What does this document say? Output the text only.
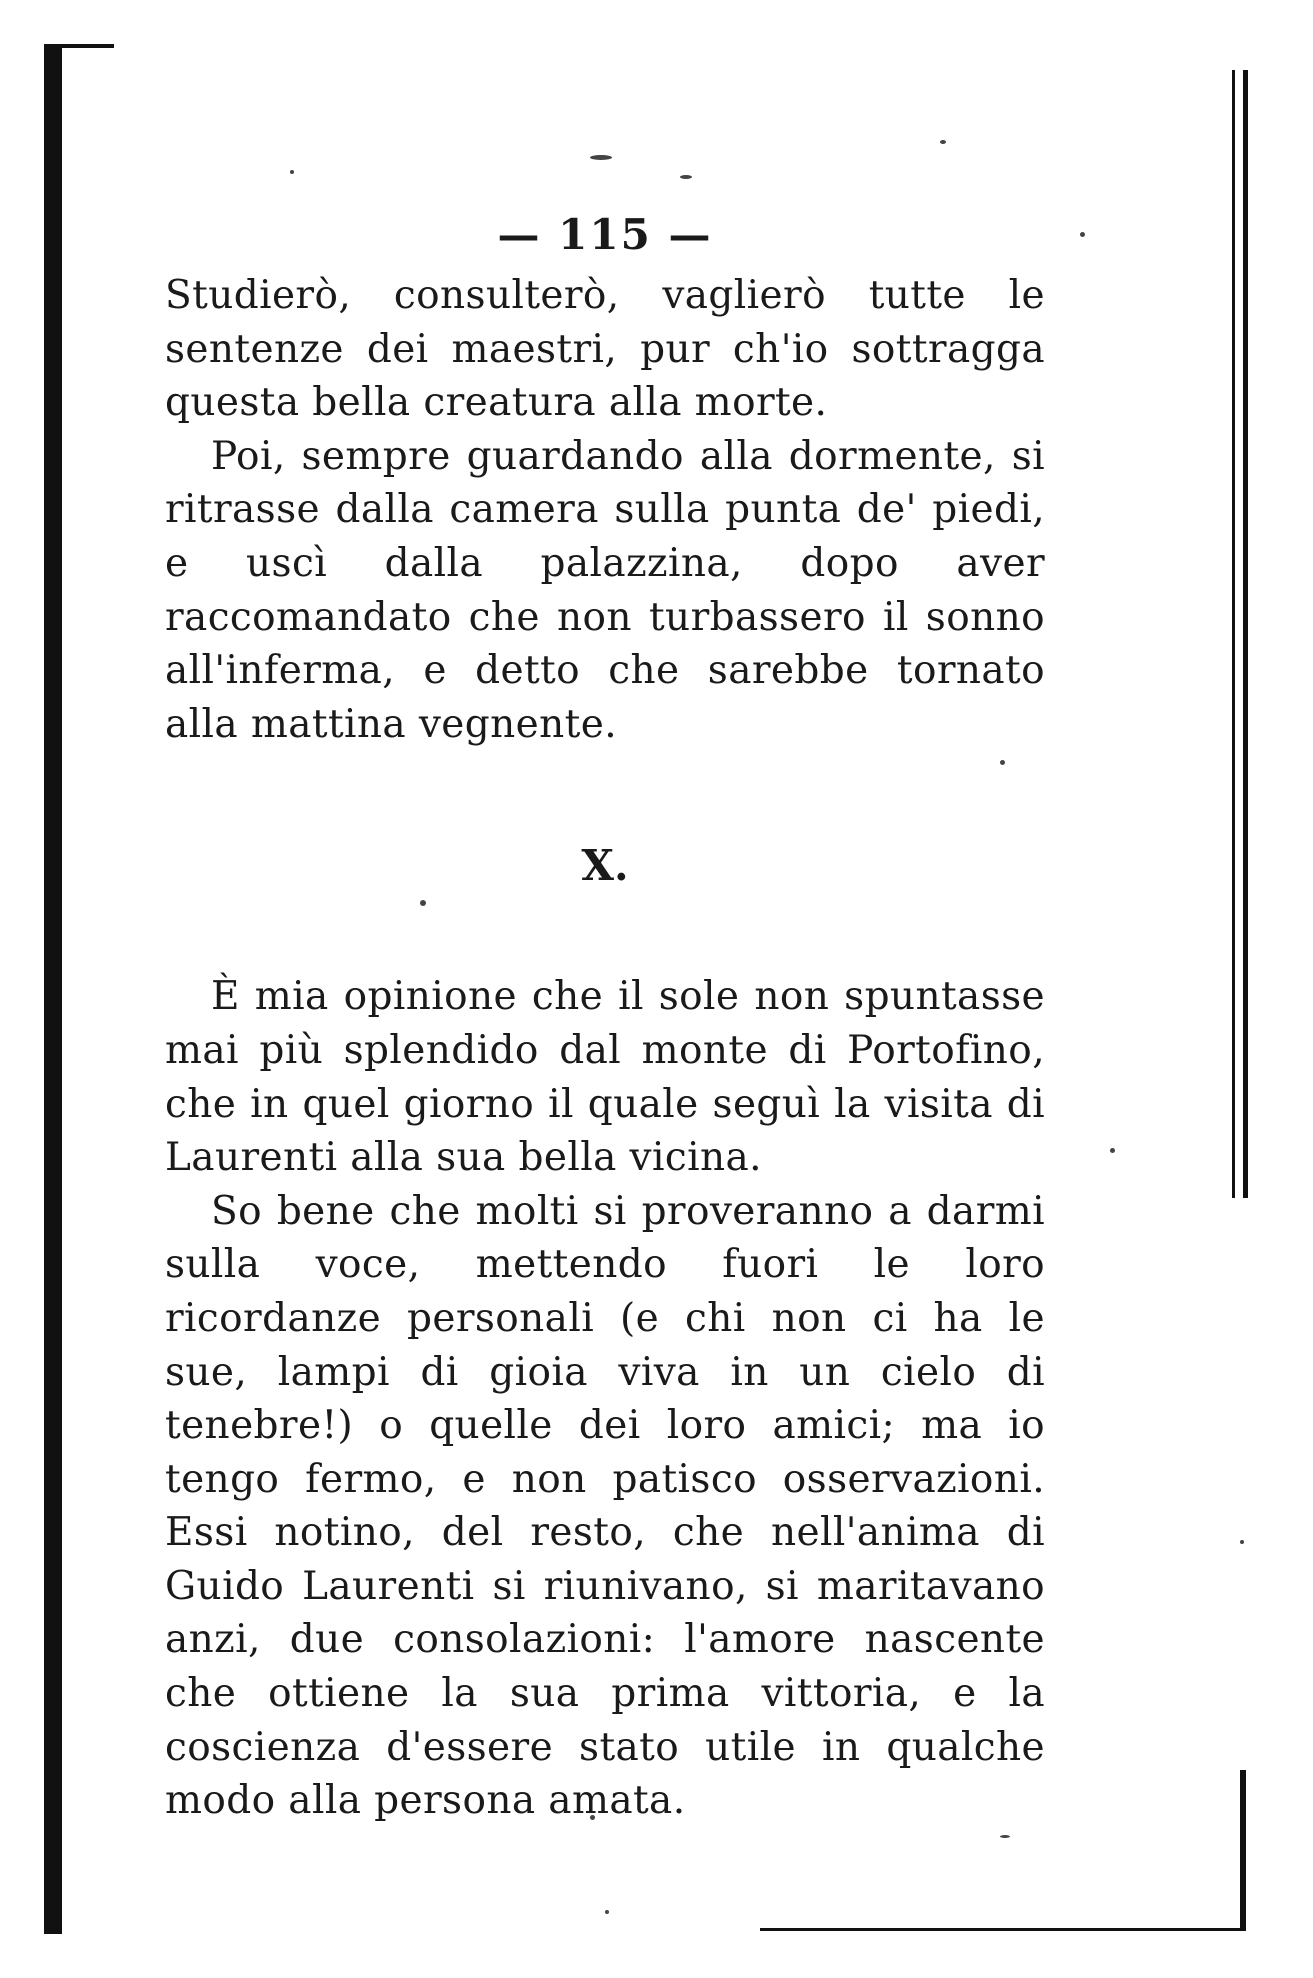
— 115 —

Studierò, consulterò, vaglierò tutte le sentenze dei maestri, pur ch'io sottragga questa bella creatura alla morte.

Poi, sempre guardando alla dormente, si ritrasse dalla camera sulla punta de' piedi, e uscì dalla palazzina, dopo aver raccomandato che non turbassero il sonno all'inferma, e detto che sarebbe tornato alla mattina vegnente.

X.

È mia opinione che il sole non spuntasse mai più splendido dal monte di Portofino, che in quel giorno il quale seguì la visita di Laurenti alla sua bella vicina.

So bene che molti si proveranno a darmi sulla voce, mettendo fuori le loro ricordanze personali (e chi non ci ha le sue, lampi di gioia viva in un cielo di tenebre!) o quelle dei loro amici; ma io tengo fermo, e non patisco osservazioni. Essi notino, del resto, che nell'anima di Guido Laurenti si riunivano, si maritavano anzi, due consolazioni: l'amore nascente che ottiene la sua prima vittoria, e la coscienza d'essere stato utile in qualche modo alla persona amata.
